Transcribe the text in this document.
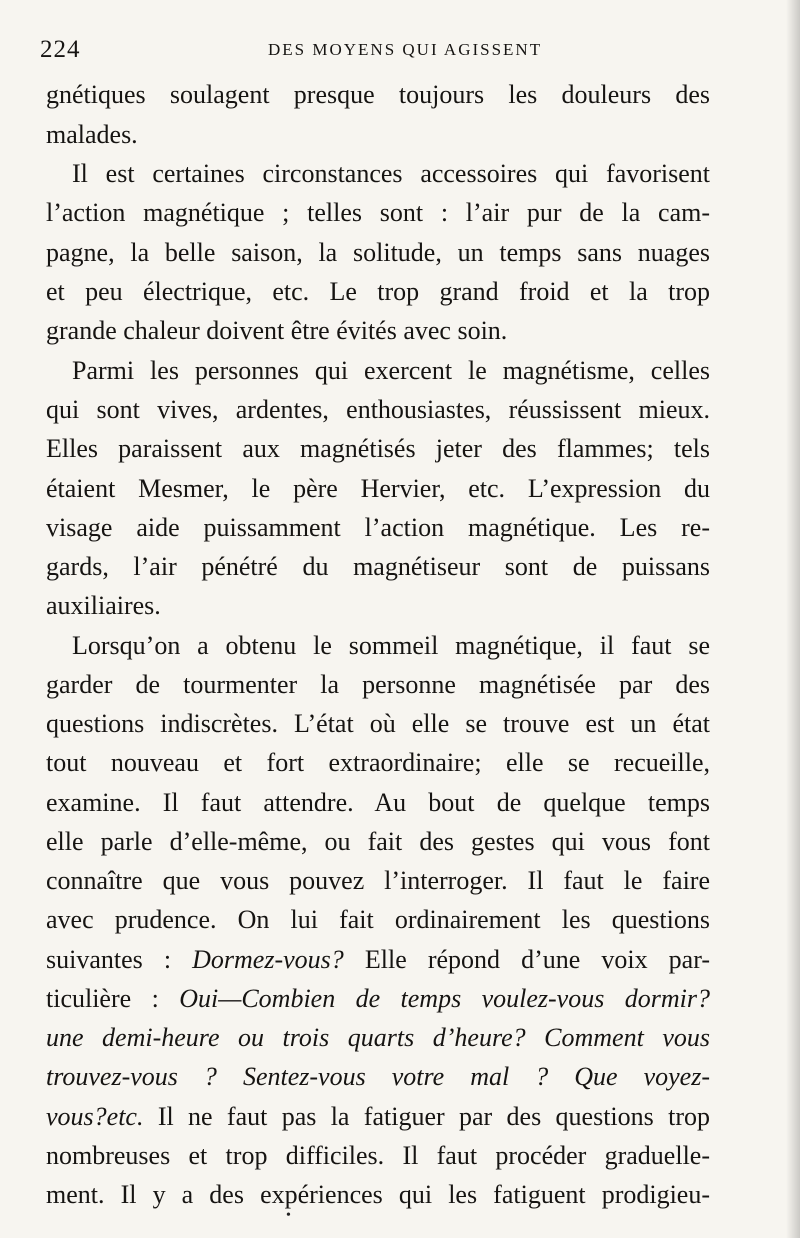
224	DES MOYENS QUI AGISSENT
gnétiques soulagent presque toujours les douleurs des
malades.
Il est certaines circonstances accessoires qui favorisent
l’action magnétique ; telles sont : l’air pur de la cam-
pagne, la belle saison, la solitude, un temps sans nuages
et peu électrique, etc. Le trop grand froid et la trop
grande chaleur doivent être évités avec soin.
Parmi les personnes qui exercent le magnétisme, celles
qui sont vives, ardentes, enthousiastes, réussissent mieux.
Elles paraissent aux magnétisés jeter des flammes; tels
étaient Mesmer, le père Hervier, etc. L’expression du
visage aide puissamment l’action magnétique. Les re-
gards, l’air pénétré du magnétiseur sont de puissans
auxiliaires.
Lorsqu’on a obtenu le sommeil magnétique, il faut se
garder de tourmenter la personne magnétisée par des
questions indiscrètes. L’état où elle se trouve est un état
tout nouveau et fort extraordinaire; elle se recueille,
examine. Il faut attendre. Au bout de quelque temps
elle parle d’elle-même, ou fait des gestes qui vous font
connaître que vous pouvez l’interroger. Il faut le faire
avec prudence. On lui fait ordinairement les questions
suivantes : Dormez-vous? Elle répond d’une voix par-
ticulière : Oui—Combien de temps voulez-vous dormir?
une demi-heure ou trois quarts d’heure? Comment vous
trouvez-vous ? Sentez-vous votre mal ? Que voyez-
vous?etc. Il ne faut pas la fatiguer par des questions trop
nombreuses et trop difficiles. Il faut procéder graduelle-
ment. Il y a des expériences qui les fatiguent prodigieu-
•
